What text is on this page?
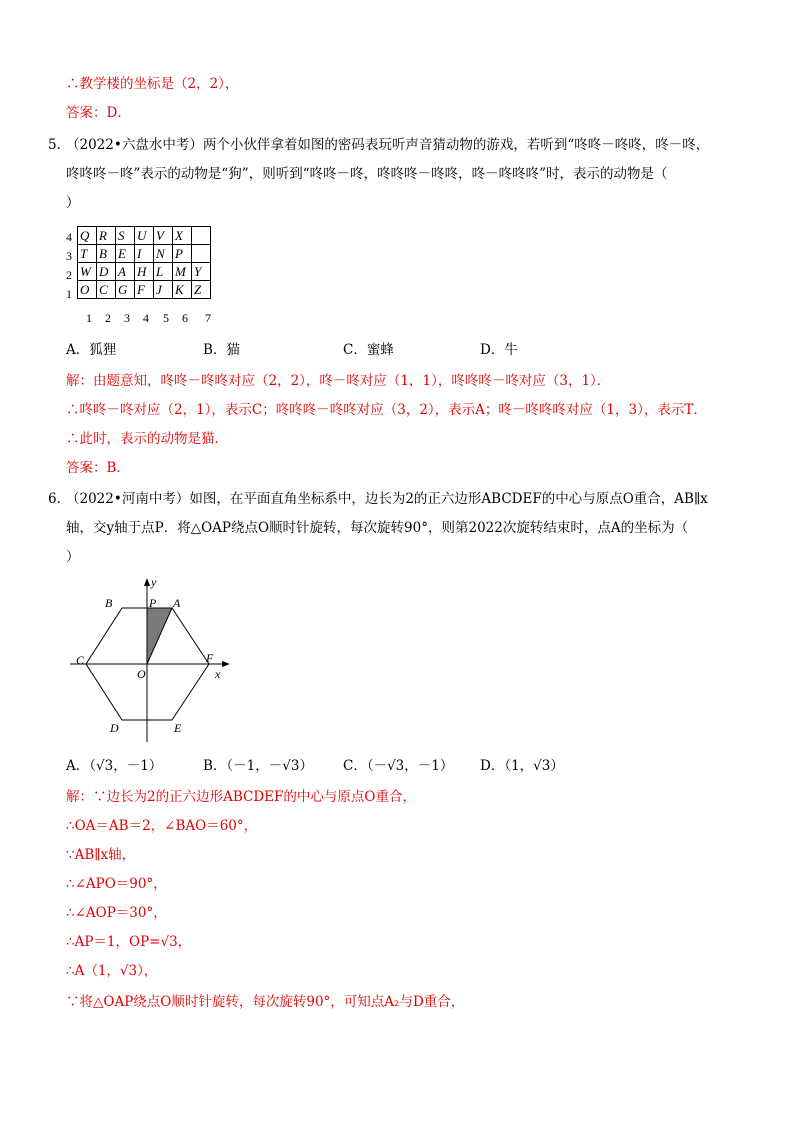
∴教学楼的坐标是（2，2），
答案：D．
5．
（2022•六盘水中考）两个小伙伴拿着如图的密码表玩听声音猜动物的游戏，若听到“咚咚－咚咚，咚－咚，
咚咚咚－咚”表示的动物是“狗”，则听到“咚咚－咚，咚咚咚－咚咚，咚－咚咚咚”时，表示的动物是（
）
4
3
2
1
Q	R	S	U	V	X	
T	B	E	I	N	P	
W	D	A	H	L	M	Y
O	C	G	F	J	K	Z
1 2 3 4 5 6 7
A．狐狸	B．猫	C．蜜蜂	D．牛
解：由题意知，咚咚－咚咚对应（2，2），咚－咚对应（1，1），咚咚咚－咚对应（3，1）．
∴咚咚－咚对应（2，1），表示C；咚咚咚－咚咚对应（3，2），表示A；咚－咚咚咚对应（1，3），表示T．
∴此时，表示的动物是猫．
答案：B．
6．
（2022•河南中考）如图，在平面直角坐标系中，边长为2的正六边形ABCDEF的中心与原点O重合，AB∥x
轴，交y轴于点P．将△OAP绕点O顺时针旋转，每次旋转90°，则第2022次旋转结束时，点A的坐标为（
）
B	P A
C	F
O	x
y
D	E
A．（√3，－1）	B．（－1，－√3） C．（－√3，－1） D．（1，√3）
解：∵边长为2的正六边形ABCDEF的中心与原点O重合，
∴OA＝AB＝2，∠BAO＝60°，
∵AB∥x轴，
∴∠APO＝90°，
∴∠AOP＝30°，
∴AP＝1，OP=√3，
∴A（1，√3），
∵将△OAP绕点O顺时针旋转，每次旋转90°，可知点A₂与D重合，
